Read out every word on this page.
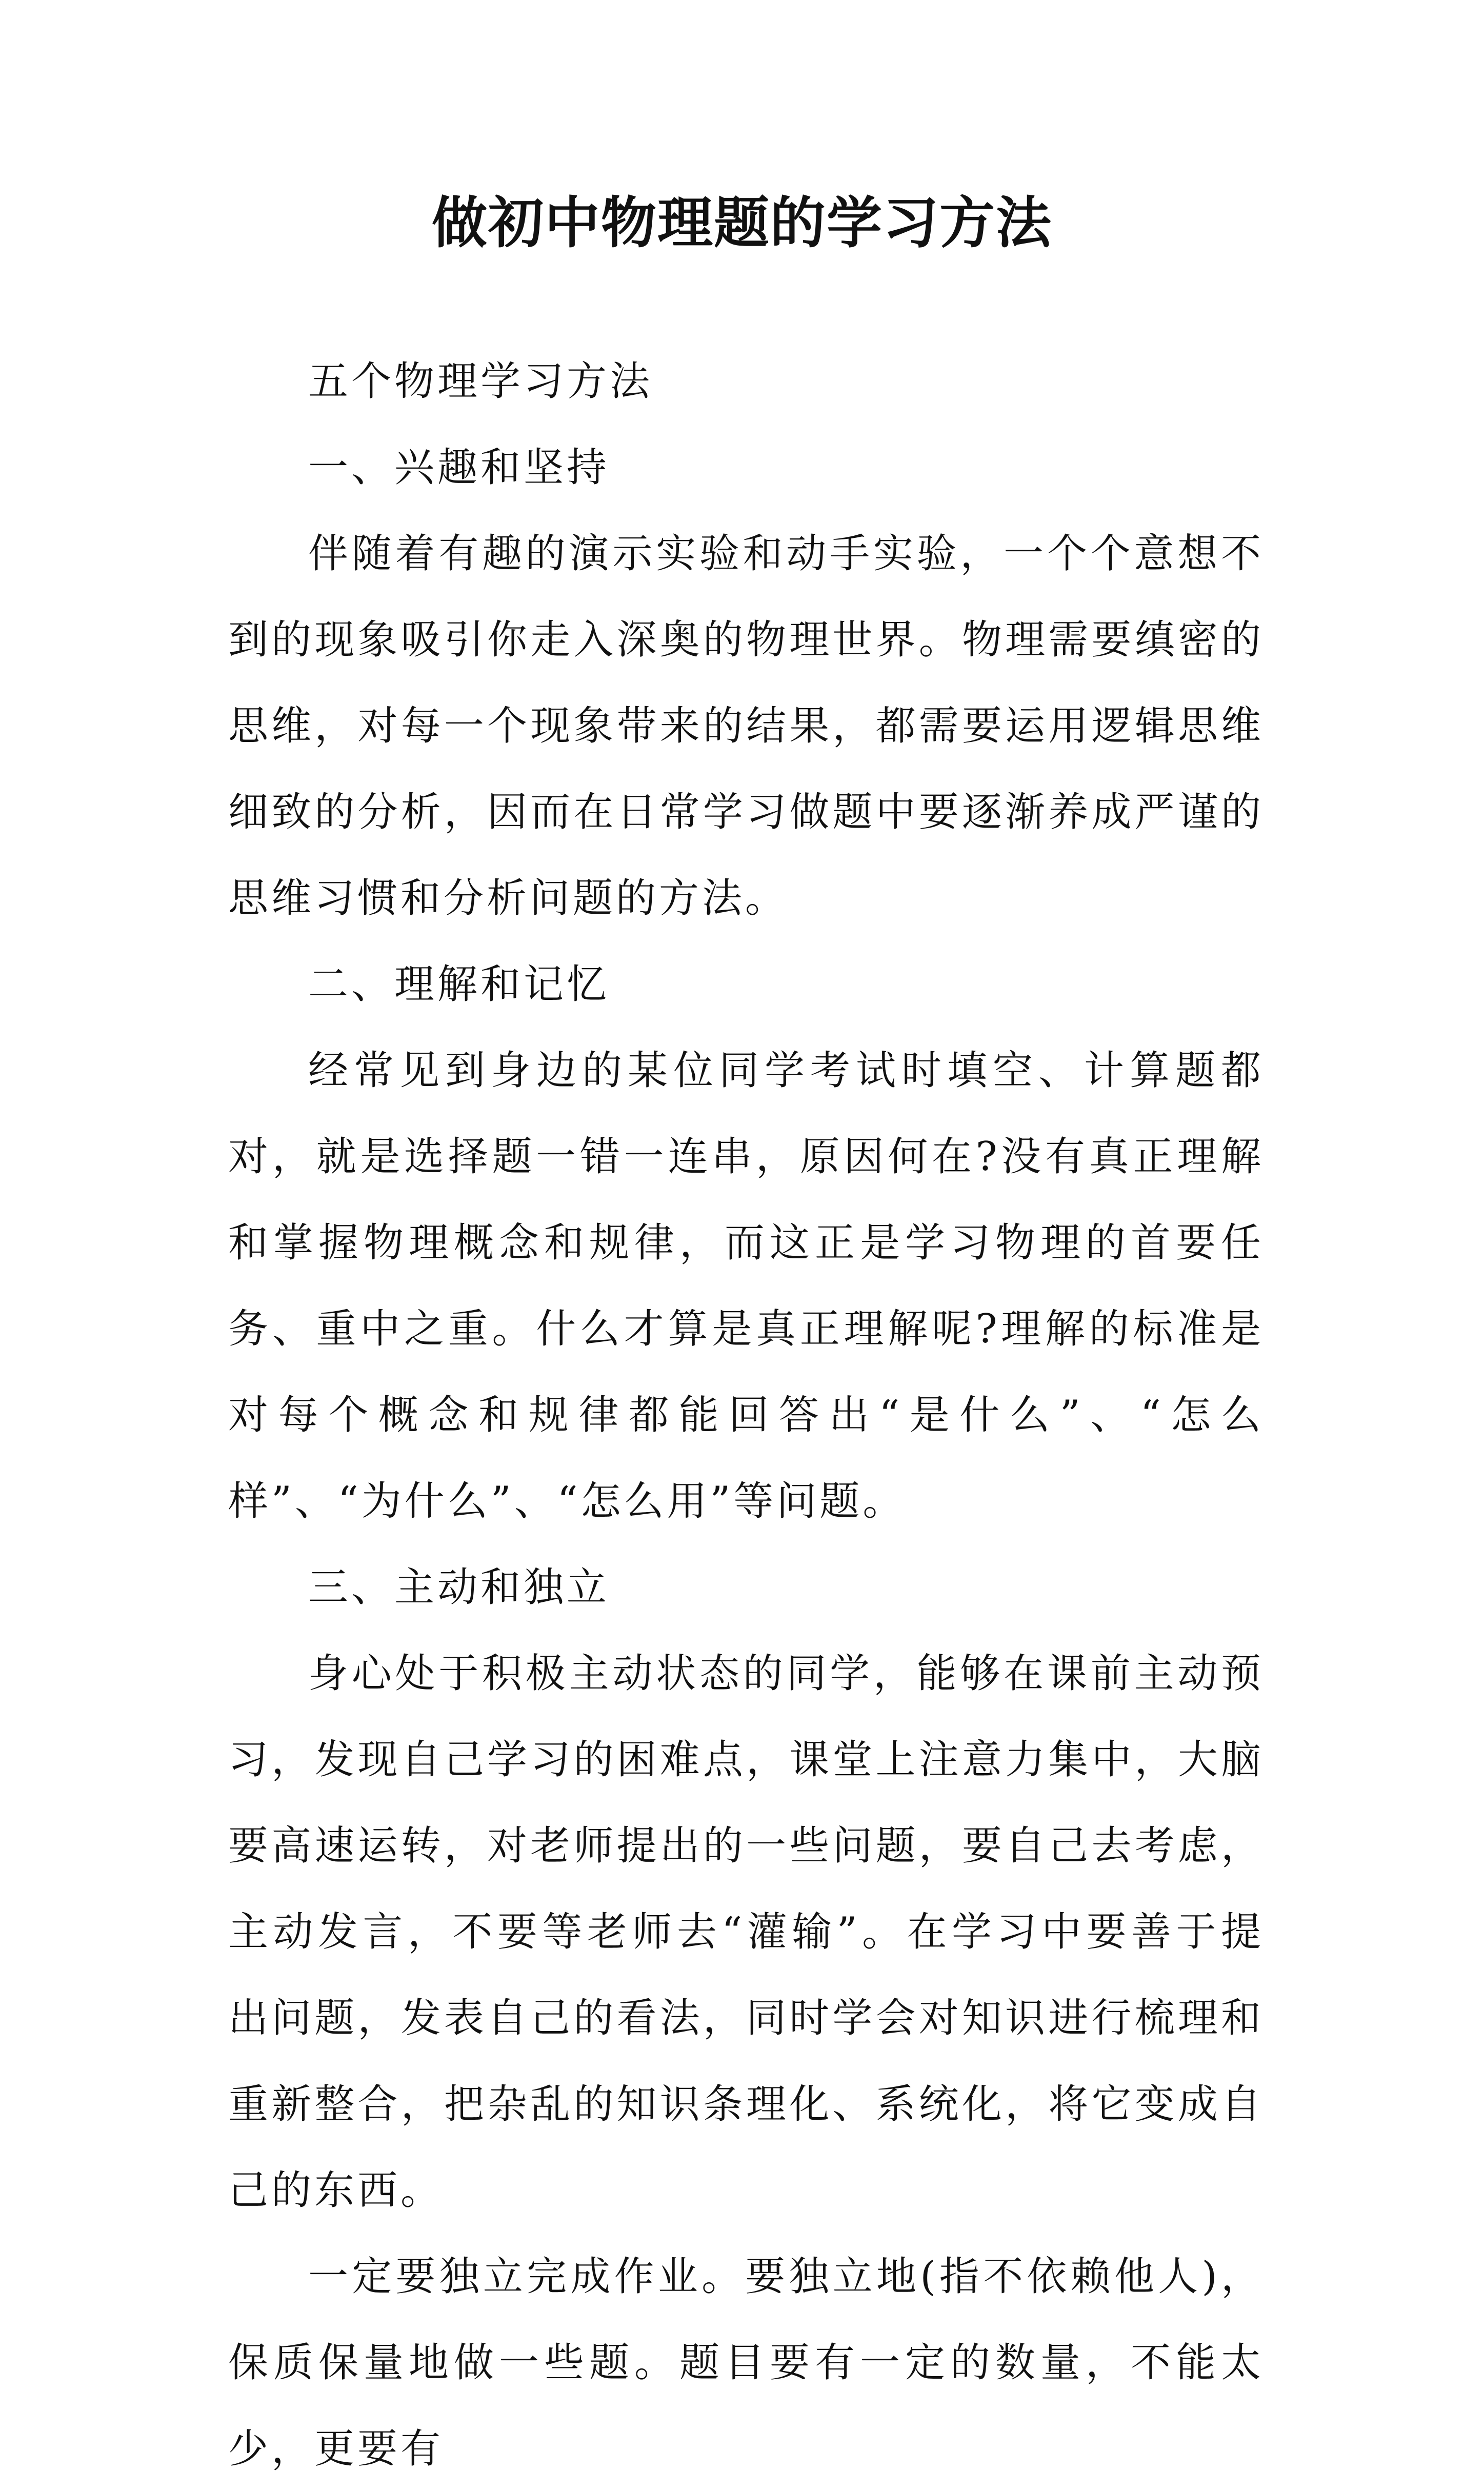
做初中物理题的学习方法

五个物理学习方法

一、兴趣和坚持

伴随着有趣的演示实验和动手实验，一个个意想不到的现象吸引你走入深奥的物理世界。物理需要缜密的思维，对每一个现象带来的结果，都需要运用逻辑思维细致的分析，因而在日常学习做题中要逐渐养成严谨的思维习惯和分析问题的方法。

二、理解和记忆

经常见到身边的某位同学考试时填空、计算题都对，就是选择题一错一连串，原因何在?没有真正理解和掌握物理概念和规律，而这正是学习物理的首要任务、重中之重。什么才算是真正理解呢?理解的标准是对每个概念和规律都能回答出“是什么”、“怎么样”、“为什么”、“怎么用”等问题。

三、主动和独立

身心处于积极主动状态的同学，能够在课前主动预习，发现自己学习的困难点，课堂上注意力集中，大脑要高速运转，对老师提出的一些问题，要自己去考虑，主动发言，不要等老师去“灌输”。在学习中要善于提出问题，发表自己的看法，同时学会对知识进行梳理和重新整合，把杂乱的知识条理化、系统化，将它变成自己的东西。

一定要独立完成作业。要独立地(指不依赖他人)，保质保量地做一些题。题目要有一定的数量，不能太少，更要有
